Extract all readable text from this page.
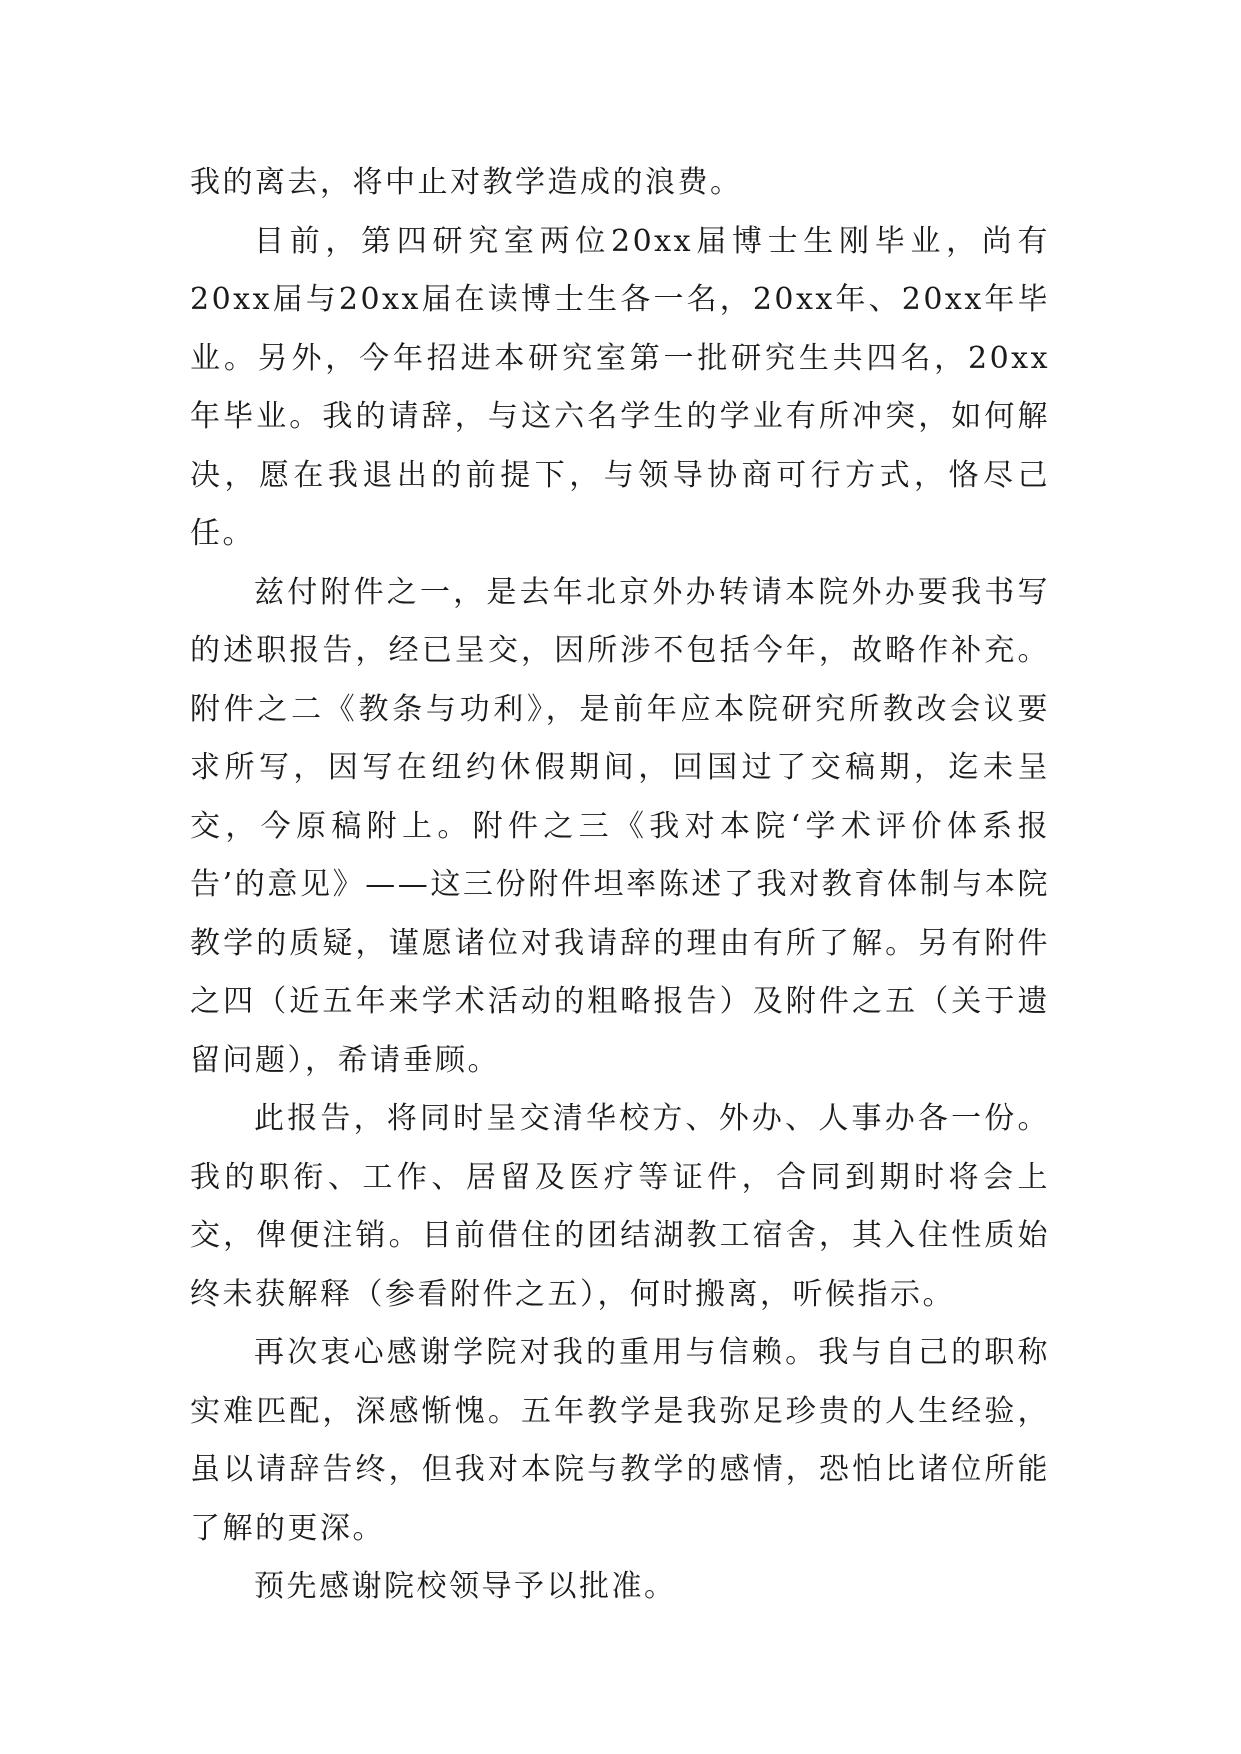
我的离去，将中止对教学造成的浪费。

目前，第四研究室两位20xx届博士生刚毕业，尚有20xx届与20xx届在读博士生各一名，20xx年、20xx年毕业。另外，今年招进本研究室第一批研究生共四名，20xx年毕业。我的请辞，与这六名学生的学业有所冲突，如何解决，愿在我退出的前提下，与领导协商可行方式，恪尽己任。

兹付附件之一，是去年北京外办转请本院外办要我书写的述职报告，经已呈交，因所涉不包括今年，故略作补充。附件之二《教条与功利》，是前年应本院研究所教改会议要求所写，因写在纽约休假期间，回国过了交稿期，迄未呈交，今原稿附上。附件之三《我对本院‘学术评价体系报告’的意见》——这三份附件坦率陈述了我对教育体制与本院教学的质疑，谨愿诸位对我请辞的理由有所了解。另有附件之四（近五年来学术活动的粗略报告）及附件之五（关于遗留问题），希请垂顾。

此报告，将同时呈交清华校方、外办、人事办各一份。我的职衔、工作、居留及医疗等证件，合同到期时将会上交，俾便注销。目前借住的团结湖教工宿舍，其入住性质始终未获解释（参看附件之五），何时搬离，听候指示。

再次衷心感谢学院对我的重用与信赖。我与自己的职称实难匹配，深感惭愧。五年教学是我弥足珍贵的人生经验，虽以请辞告终，但我对本院与教学的感情，恐怕比诸位所能了解的更深。

预先感谢院校领导予以批准。
